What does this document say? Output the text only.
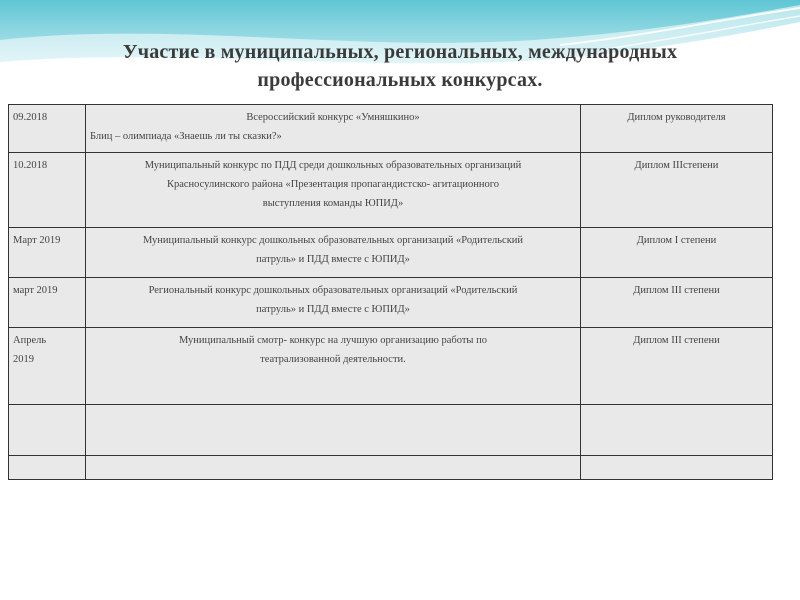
Участие в муниципальных, региональных, международных
профессиональных конкурсах.
09.2018	Всероссийский конкурс «Умняшкино»
Блиц – олимпиада «Знаешь ли ты сказки?»	Диплом руководителя
10.2018	Муниципальный конкурс по ПДД среди дошкольных образовательных организаций
Красносулинского района «Презентация пропагандистско- агитационного
выступления команды ЮПИД»	Диплом IIIстепени
Март 2019	Муниципальный конкурс дошкольных образовательных организаций «Родительский
патруль» и ПДД вместе с ЮПИД»	Диплом I степени
март 2019	Региональный конкурс дошкольных образовательных организаций «Родительский
патруль» и ПДД вместе с ЮПИД»	Диплом III степени

Апрель
2019	Муниципальный смотр- конкурс на лучшую организацию работы по
театрализованной деятельности.	Диплом III степени
